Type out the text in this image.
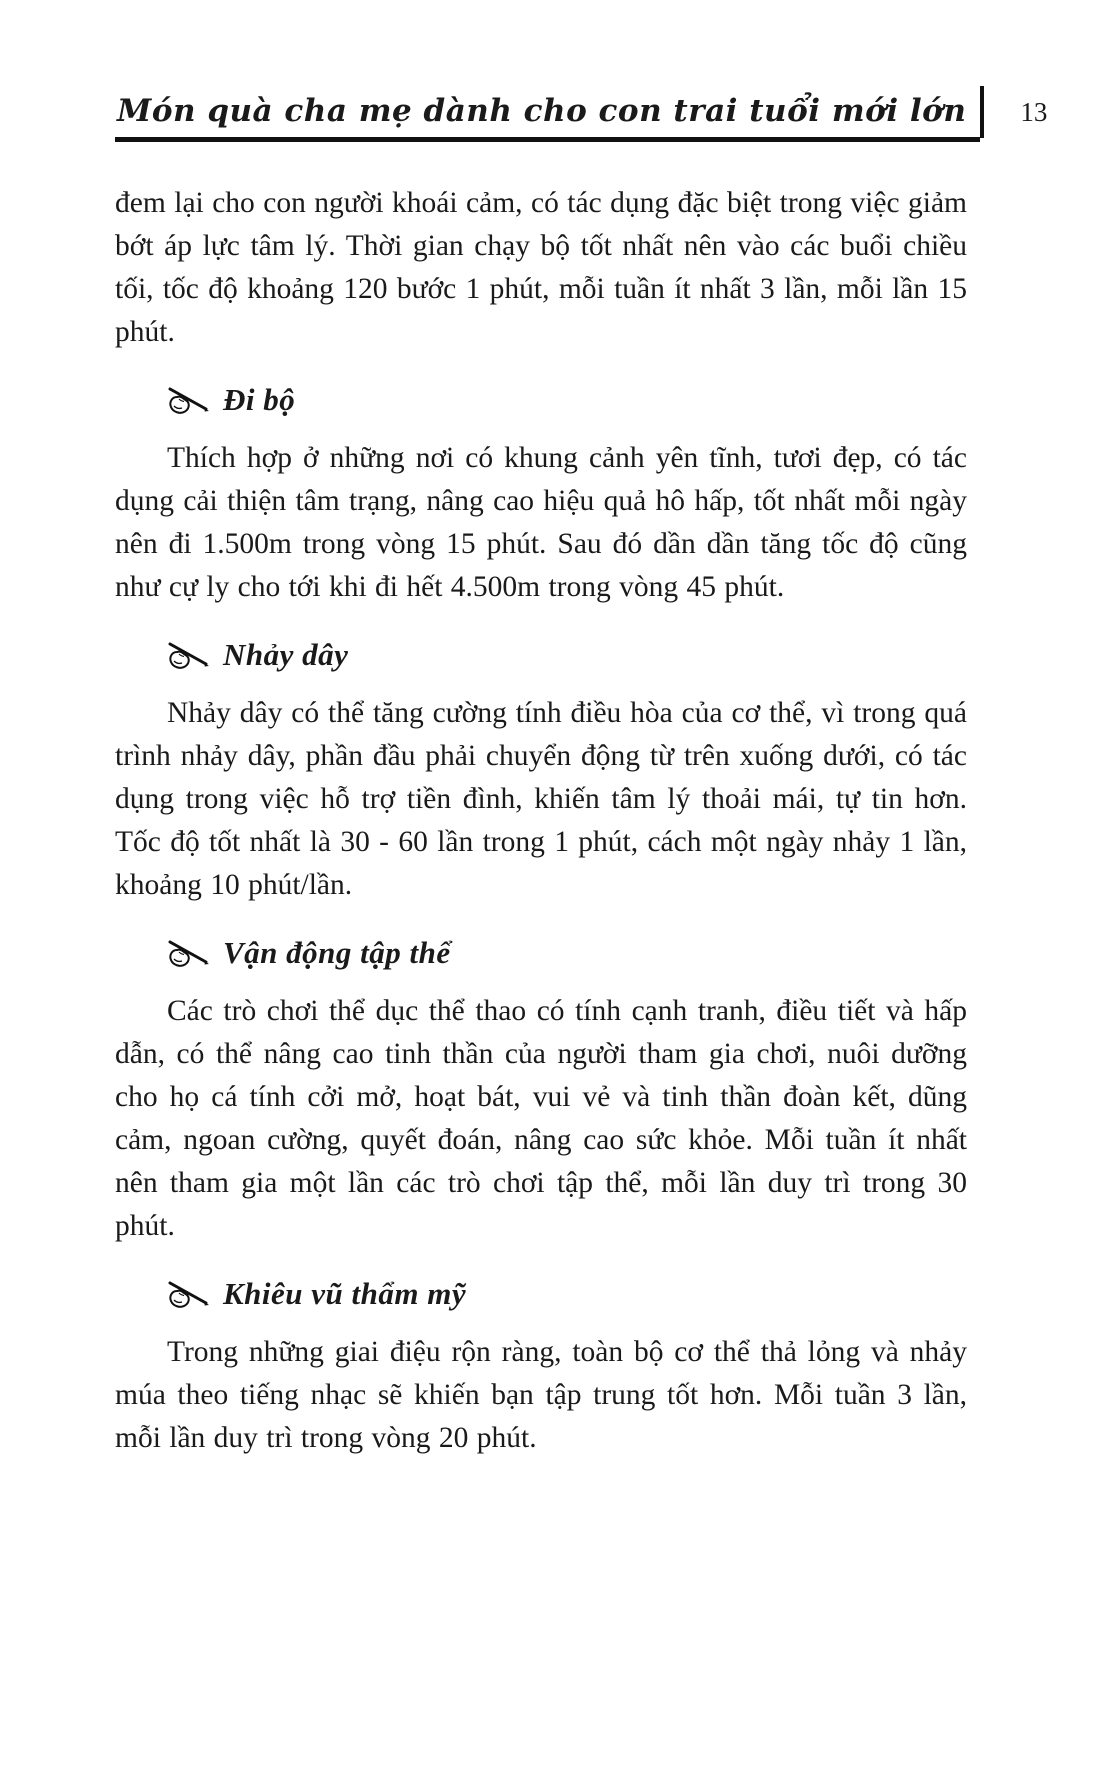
Món quà cha mẹ dành cho con trai tuổi mới lớn	13

đem lại cho con người khoái cảm, có tác dụng đặc biệt trong việc giảm bớt áp lực tâm lý. Thời gian chạy bộ tốt nhất nên vào các buổi chiều tối, tốc độ khoảng 120 bước 1 phút, mỗi tuần ít nhất 3 lần, mỗi lần 15 phút.

Đi bộ

Thích hợp ở những nơi có khung cảnh yên tĩnh, tươi đẹp, có tác dụng cải thiện tâm trạng, nâng cao hiệu quả hô hấp, tốt nhất mỗi ngày nên đi 1.500m trong vòng 15 phút. Sau đó dần dần tăng tốc độ cũng như cự ly cho tới khi đi hết 4.500m trong vòng 45 phút.

Nhảy dây

Nhảy dây có thể tăng cường tính điều hòa của cơ thể, vì trong quá trình nhảy dây, phần đầu phải chuyển động từ trên xuống dưới, có tác dụng trong việc hỗ trợ tiền đình, khiến tâm lý thoải mái, tự tin hơn. Tốc độ tốt nhất là 30 - 60 lần trong 1 phút, cách một ngày nhảy 1 lần, khoảng 10 phút/lần.

Vận động tập thể

Các trò chơi thể dục thể thao có tính cạnh tranh, điều tiết và hấp dẫn, có thể nâng cao tinh thần của người tham gia chơi, nuôi dưỡng cho họ cá tính cởi mở, hoạt bát, vui vẻ và tinh thần đoàn kết, dũng cảm, ngoan cường, quyết đoán, nâng cao sức khỏe. Mỗi tuần ít nhất nên tham gia một lần các trò chơi tập thể, mỗi lần duy trì trong 30 phút.

Khiêu vũ thẩm mỹ

Trong những giai điệu rộn ràng, toàn bộ cơ thể thả lỏng và nhảy múa theo tiếng nhạc sẽ khiến bạn tập trung tốt hơn. Mỗi tuần 3 lần, mỗi lần duy trì trong vòng 20 phút.
